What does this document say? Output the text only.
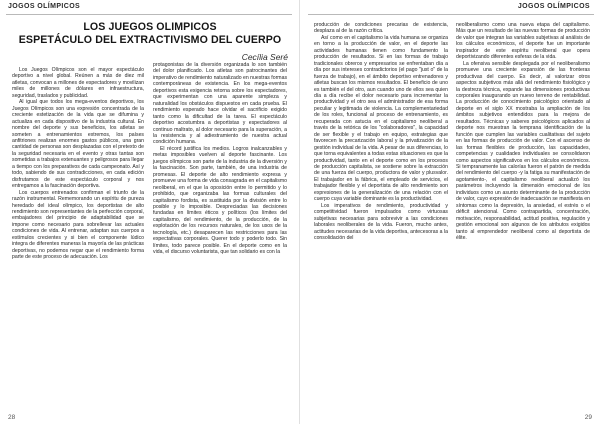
JOGOS OLÍMPICOS
LOS JUEGOS OLIMPICOS
ESPETÁCULO DEL EXTRACTIVISMO DEL CUERPO
Cecília Seré

Los Juegos Olímpicos son el mayor espectáculo deportivo a nivel global. Reúnen a más de diez mil atletas, convocan a millones de espectadores y movilizan miles de millones de dólares en infraestructura, seguridad, traslados y publicidad.

Al igual que todos los mega-eventos deportivos, los Juegos Olímpicos son una expresión concentrada de la creciente estetización de la vida que se difumina y actualiza en cada dispositivo de la industria cultural. En nombre del deporte y sus beneficios, los atletas se someten a entrenamientos extremos, los países anfitriones realizan enormes gastos públicos, una gran cantidad de personas son desplazadas con el pretexto de la seguridad necesaria en el evento y otras tantas son sometidas a trabajos extenuantes y peligrosos para llegar a tiempo con los preparativos de cada campeonato. Así y todo, sabiendo de sus contradicciones, en cada edición disfrutamos de este espectáculo corporal y nos entregamos a la fascinación deportiva.

Los cuerpos entrenados confirman el triunfo de la razón instrumental. Rememorando un espíritu de pureza heredado del ideal olímpico, los deportistas de alto rendimiento son representantes de la perfección corporal, embajadores del principio de adaptabilidad que se impone como necesario para sobrellevar las actuales condiciones de vida. Al entrenar, adaptan sus cuerpos a estímulos crecientes y si bien el componente lúdico integra de diferentes maneras la mayoría de las prácticas deportivas, no podemos negar que el rendimiento forma parte de este proceso de adecuación. Los

protagonistas de la diversión organizada lo son también del dolor planificado. Los atletas son patrocinantes del imperativo de rendimiento naturalizado en nuestras formas contemporáneas de existencia. En los mega-eventos deportivos esta exigencia retorna sobre los espectadores, que experimentan con una aparente simpleza y naturalidad los obstáculos dispuestos en cada prueba. El rendimiento esperado hace olvidar el sacrificio exigido tanto como la dificultad de la tarea. El espectáculo deportivo acostumbra a deportistas y espectadores al continuo maltrato, al dolor necesario para la superación, a la resistencia y al adiestramiento de nuestra actual condición humana.

El récord justifica los medios. Logros inalcanzables y metas imposibles vuelven al deporte fascinante. Los juegos olímpicos son parte de la industria de la diversión y la fascinación. Son parte, también, de una industria de promesas. El deporte de alto rendimiento expresa y promueve una forma de vida consagrada en el capitalismo neoliberal, en el que la oposición entre lo permitido y lo prohibido, que organizaba las formas culturales del capitalismo fordista, es sustituida por la división entre lo posible y lo imposible. Despreciadas las decisiones fundadas en límites éticos y políticos (los límites del capitalismo, del rendimiento, de la producción, de la explotación de los recursos naturales, de los usos de la tecnología, etc.) desaparecen las restricciones para las expectativas corporales. Querer todo y poderlo todo. Sin límites, todo parece posible. En el deporte como en la vida, el discurso voluntarista, que tan solidario es con la

28
JOGOS OLÍMPICOS

producción de condiciones precarias de existencia, desplaza al de la razón crítica.

Así como en el capitalismo la vida humana se organiza en torno a la producción de valor, en el deporte las actividades humanas tienen como fundamento la producción de resultados. Si en las formas de trabajo tradicionales obreros y empresarios se enfrentaban día a día por sus intereses contradictorios (el pago "just o" de la fuerza de trabajo), en el ámbito deportivo entrenadores y atletas buscan los mismos resultados. El beneficio de uno es también el del otro, aun cuando uno de ellos sea quien día a día recibe el dolor necesario para incrementar la productividad y el otro sea el administrador de esa forma peculiar y legitimada de violencia. La complementariedad de los roles, funcional al proceso de entrenamiento, es recuperada con astucia en el capitalismo neoliberal a través de la retórica de los "colaboradores", la capacidad de ser flexible y el trabajo en equipo, estrategias que favorecen la precarización laboral y la privatización de la gestión individual de la vida. A pesar de sus diferencias, lo que torna equivalentes a todas estas situaciones es que la productividad, tanto en el deporte como en los procesos de producción capitalista, se sostiene sobre la extracción de una fuerza del cuerpo, productora de valor y plusvalor. El trabajador en la fábrica, el empleado de servicios, el trabajador flexible y el deportista de alto rendimiento son expresiones de la generalización de una relación con el cuerpo cuya variable dominante es la productividad.

Los imperativos de rendimiento, productividad y competitividad fueron impulsados como virtuosas subjetivas necesarias para sobrevivir a las condiciones laborales neoliberales de la vida. Fueron, mucho antes, actitudes necesarias de la vida deportiva, antecesoras a la consolidación del

neoliberalismo como una nueva etapa del capitalismo. Más que un resultado de las nuevas formas de producción de valor que integran las variables subjetivas al análisis de los cálculos económicos, el deporte fue un importante inspirador de este espíritu neoliberal que opera deportivizando diferentes esferas de la vida.

La ofensiva sensible desplegada por el neoliberalismo promueve una creciente expansión de las fronteras productivas del cuerpo. Es decir, al valorizar otros aspectos subjetivos más allá del rendimiento fisiológico y la destreza técnica, expande las dimensiones productivas corporales inaugurando un nuevo terreno de rentabilidad. La producción de conocimiento psicológico orientado al deporte en el siglo XX mostraba la ampliación de los ámbitos subjetivos entendidos para la mejora de resultados. Técnicas y saberes psicológicos aplicados al deporte nos muestran la temprana identificación de la función que cumplen las variables cualitativas del sujeto en las formas de producción de valor. Con el ascenso de las formas flexibles de producción, las capacidades, competencias y cualidades individuales se consolidaron como aspectos significativos en los cálculos económicos. Si tempranamente las calorías fueron el patrón de medida del rendimiento del cuerpo -y la fatiga su manifestación de agotamiento-, el capitalismo neoliberal actualizó los parámetros incluyendo la dimensión emocional de los individuos como un asunto determinante de la producción de valor, cuyo expresión de inadecuación se manifiesta en síntomas como la depresión, la ansiedad, el estrés o el déficit atencional. Como contrapartida, concentración, motivación, responsabilidad, actitud positiva, regulación y gestión emocional son algunos de los atributos exigidos tanto al emprendedor neoliberal como al deportista de élite.

29
